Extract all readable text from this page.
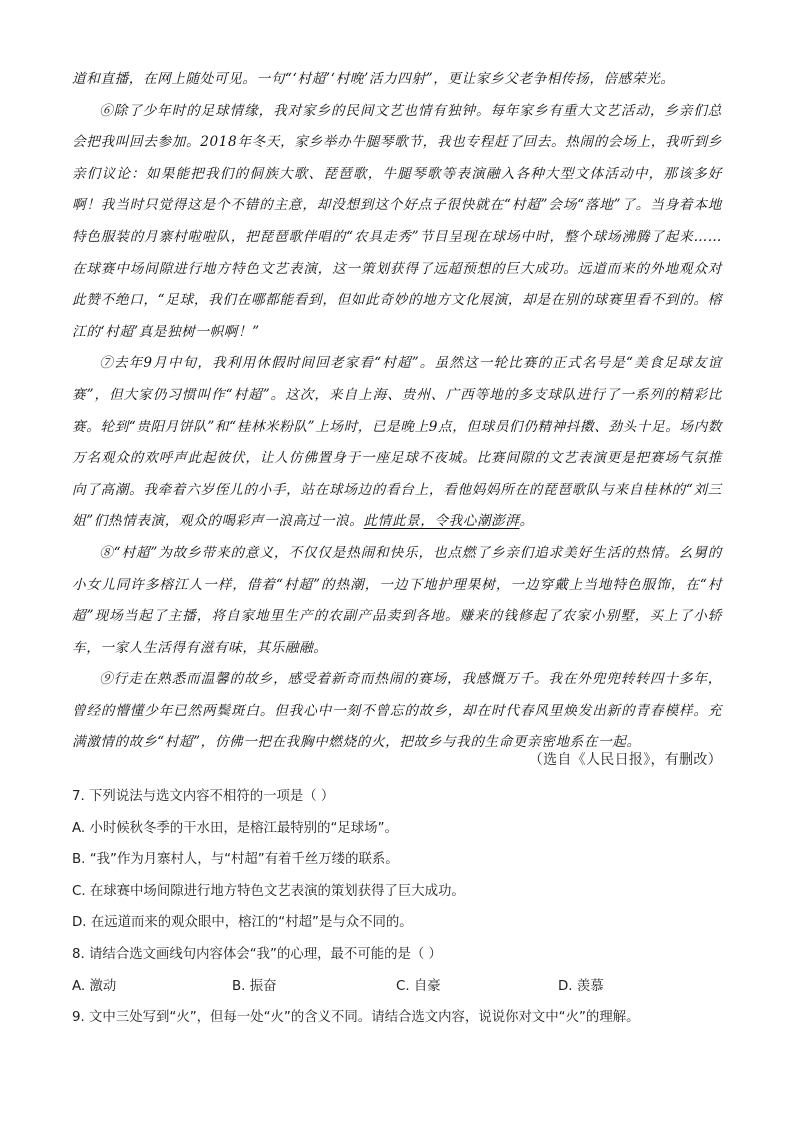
道和直播，在网上随处可见。一句“‘村超’‘村晚’活力四射”，更让家乡父老争相传扬，倍感荣光。

⑥除了少年时的足球情缘，我对家乡的民间文艺也情有独钟。每年家乡有重大文艺活动，乡亲们总会把我叫回去参加。2018年冬天，家乡举办牛腿琴歌节，我也专程赶了回去。热闹的会场上，我听到乡亲们议论：如果能把我们的侗族大歌、琵琶歌，牛腿琴歌等表演融入各种大型文体活动中，那该多好啊！我当时只觉得这是个不错的主意，却没想到这个好点子很快就在“村超”会场“落地”了。当身着本地特色服装的月寨村啦啦队，把琵琶歌伴唱的“农具走秀”节目呈现在球场中时，整个球场沸腾了起来……在球赛中场间隙进行地方特色文艺表演，这一策划获得了远超预想的巨大成功。远道而来的外地观众对此赞不绝口，“足球，我们在哪都能看到，但如此奇妙的地方文化展演，却是在别的球赛里看不到的。榕江的‘村超’真是独树一帜啊！”

⑦去年9月中旬，我利用休假时间回老家看“村超”。虽然这一轮比赛的正式名号是“美食足球友谊赛”，但大家仍习惯叫作“村超”。这次，来自上海、贵州、广西等地的多支球队进行了一系列的精彩比赛。轮到“贵阳月饼队”和“桂林米粉队”上场时，已是晚上9点，但球员们仍精神抖擞、劲头十足。场内数万名观众的欢呼声此起彼伏，让人仿佛置身于一座足球不夜城。比赛间隙的文艺表演更是把赛场气氛推向了高潮。我牵着六岁侄儿的小手，站在球场边的看台上，看他妈妈所在的琵琶歌队与来自桂林的“刘三姐”们热情表演，观众的喝彩声一浪高过一浪。此情此景，令我心潮澎湃。

⑧“村超”为故乡带来的意义，不仅仅是热闹和快乐，也点燃了乡亲们追求美好生活的热情。幺舅的小女儿同许多榕江人一样，借着“村超”的热潮，一边下地护理果树，一边穿戴上当地特色服饰，在“村超”现场当起了主播，将自家地里生产的农副产品卖到各地。赚来的钱修起了农家小别墅，买上了小轿车，一家人生活得有滋有味，其乐融融。

⑨行走在熟悉而温馨的故乡，感受着新奇而热闹的赛场，我感慨万千。我在外兜兜转转四十多年，曾经的懵懂少年已然两鬓斑白。但我心中一刻不曾忘的故乡，却在时代春风里焕发出新的青春模样。充满激情的故乡“村超”，仿佛一把在我胸中燃烧的火，把故乡与我的生命更亲密地系在一起。

（选自《人民日报》，有删改）
7. 下列说法与选文内容不相符的一项是（ ）
A. 小时候秋冬季的干水田，是榕江最特别的“足球场”。
B. “我”作为月寨村人，与“村超”有着千丝万缕的联系。
C. 在球赛中场间隙进行地方特色文艺表演的策划获得了巨大成功。
D. 在远道而来的观众眼中，榕江的“村超”是与众不同的。
8. 请结合选文画线句内容体会“我”的心理，最不可能的是（ ）
A. 激动	B. 振奋	C. 自豪	D. 羡慕
9. 文中三处写到“火”，但每一处“火”的含义不同。请结合选文内容，说说你对文中“火”的理解。
